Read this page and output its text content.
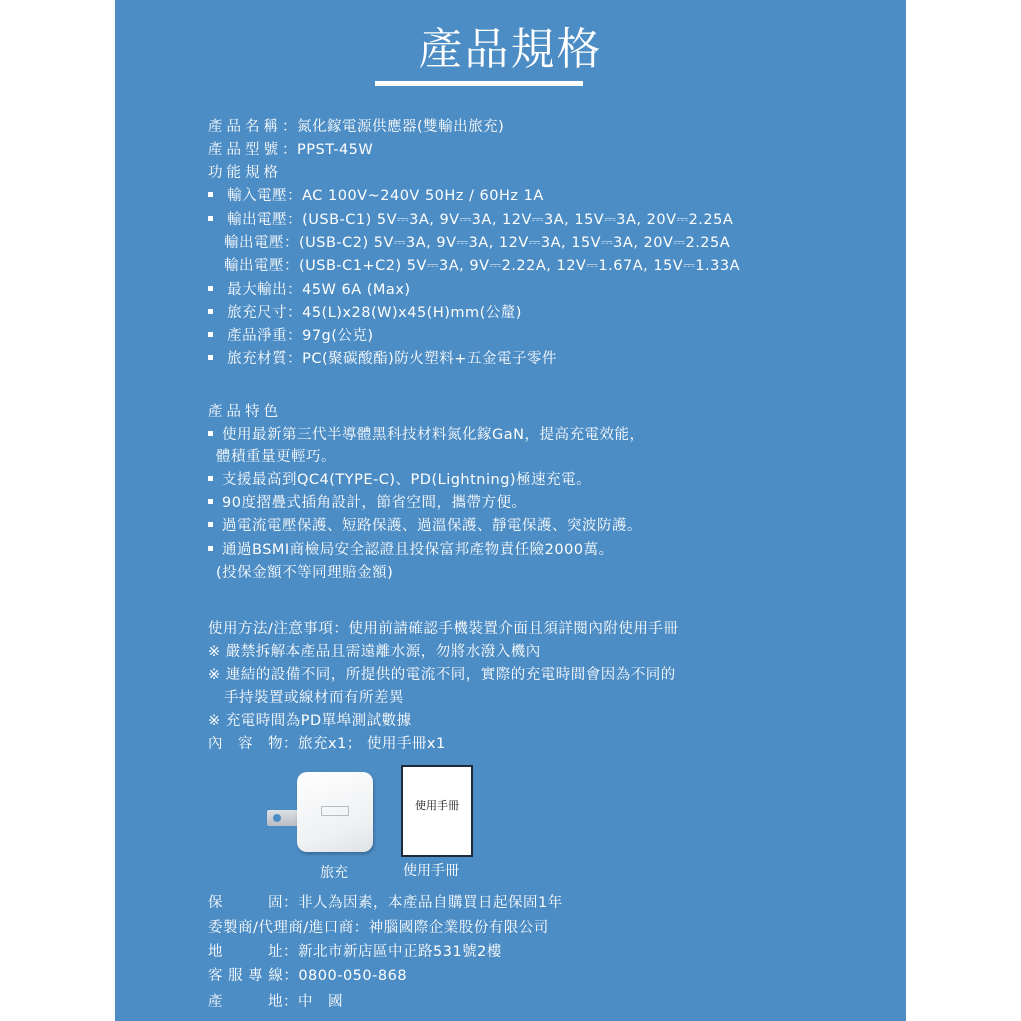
產品規格
產品名稱：氮化鎵電源供應器(雙輸出旅充)
產品型號：PPST-45W
功能規格
輸入電壓：AC 100V~240V 50Hz / 60Hz 1A
輸出電壓：(USB-C1) 5V⎓3A, 9V⎓3A, 12V⎓3A, 15V⎓3A, 20V⎓2.25A
輸出電壓：(USB-C2) 5V⎓3A, 9V⎓3A, 12V⎓3A, 15V⎓3A, 20V⎓2.25A
輸出電壓：(USB-C1+C2) 5V⎓3A, 9V⎓2.22A, 12V⎓1.67A, 15V⎓1.33A
最大輸出：45W 6A (Max)
旅充尺寸：45(L)x28(W)x45(H)mm(公釐)
產品淨重：97g(公克)
旅充材質：PC(聚碳酸酯)防火塑料+五金電子零件
產品特色
使用最新第三代半導體黑科技材料氮化鎵GaN，提高充電效能，
體積重量更輕巧。
支援最高到QC4(TYPE-C)、PD(Lightning)極速充電。
90度摺疊式插角設計，節省空間，攜帶方便。
過電流電壓保護、短路保護、過溫保護、靜電保護、突波防護。
通過BSMI商檢局安全認證且投保富邦產物責任險2000萬。
(投保金額不等同理賠金額)
使用方法/注意事項：使用前請確認手機裝置介面且須詳閱內附使用手冊
※ 嚴禁拆解本產品且需遠離水源，勿將水潑入機內
※ 連結的設備不同，所提供的電流不同，實際的充電時間會因為不同的
手持裝置或線材而有所差異
※ 充電時間為PD單埠測試數據
內　容　物：旅充x1； 使用手冊x1
旅充
使用手冊
使用手冊
保　　　固：非人為因素，本產品自購買日起保固1年
委製商/代理商/進口商：神腦國際企業股份有限公司
地　　　址：新北市新店區中正路531號2樓
客 服 專 線：0800-050-868
產　　　地：中　國
